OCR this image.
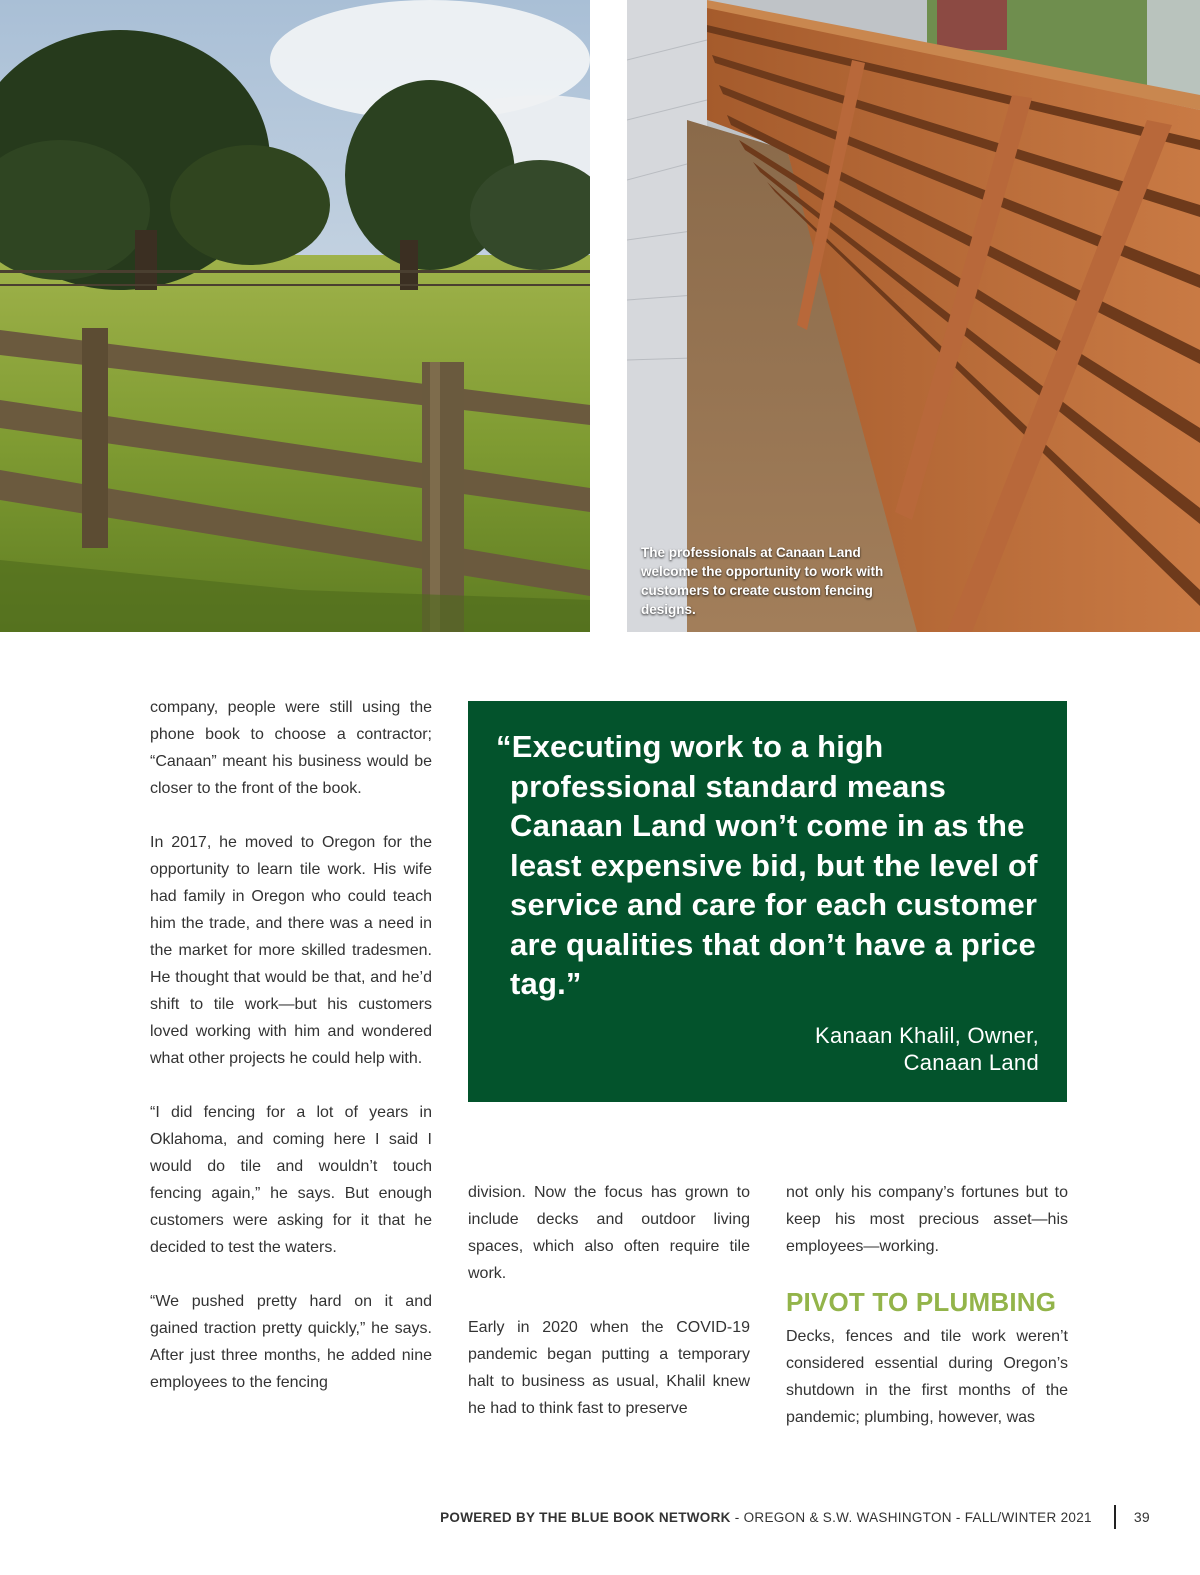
The professionals at Canaan Land welcome the opportunity to work with customers to create custom fencing designs.

company, people were still using the phone book to choose a contractor; “Canaan” meant his business would be closer to the front of the book.

In 2017, he moved to Oregon for the opportunity to learn tile work. His wife had family in Oregon who could teach him the trade, and there was a need in the market for more skilled tradesmen. He thought that would be that, and he’d shift to tile work—but his customers loved working with him and wondered what other projects he could help with.

“I did fencing for a lot of years in Oklahoma, and coming here I said I would do tile and wouldn’t touch fencing again,” he says. But enough customers were asking for it that he decided to test the waters.

“We pushed pretty hard on it and gained traction pretty quickly,” he says. After just three months, he added nine employees to the fencing

“Executing work to a high professional standard means Canaan Land won’t come in as the least expensive bid, but the level of service and care for each customer are qualities that don’t have a price tag.”
Kanaan Khalil, Owner,
Canaan Land

division. Now the focus has grown to include decks and outdoor living spaces, which also often require tile work.

Early in 2020 when the COVID-19 pandemic began putting a temporary halt to business as usual, Khalil knew he had to think fast to preserve

not only his company’s fortunes but to keep his most precious asset—his employees—working.

PIVOT TO PLUMBING

Decks, fences and tile work weren’t considered essential during Oregon’s shutdown in the first months of the pandemic; plumbing, however, was

POWERED BY THE BLUE BOOK NETWORK - OREGON & S.W. WASHINGTON - FALL/WINTER 2021	39
